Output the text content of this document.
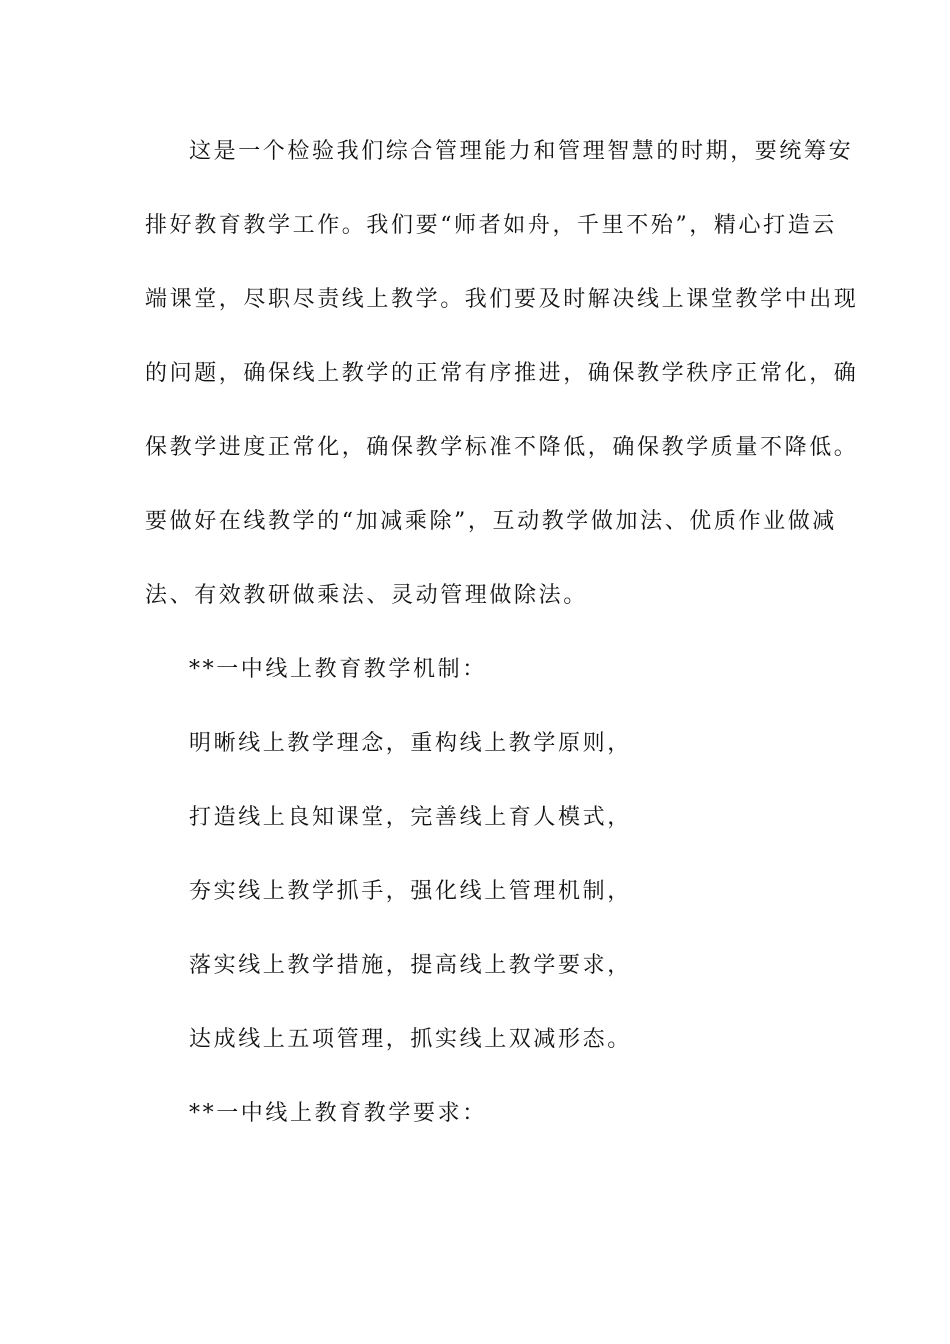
这是一个检验我们综合管理能力和管理智慧的时期，要统筹安
排好教育教学工作。我们要“师者如舟，千里不殆”，精心打造云
端课堂，尽职尽责线上教学。我们要及时解决线上课堂教学中出现
的问题，确保线上教学的正常有序推进，确保教学秩序正常化，确
保教学进度正常化，确保教学标准不降低，确保教学质量不降低。
要做好在线教学的“加减乘除”，互动教学做加法、优质作业做减
法、有效教研做乘法、灵动管理做除法。
**一中线上教育教学机制：
明晰线上教学理念，重构线上教学原则，
打造线上良知课堂，完善线上育人模式，
夯实线上教学抓手，强化线上管理机制，
落实线上教学措施，提高线上教学要求，
达成线上五项管理，抓实线上双减形态。
**一中线上教育教学要求：
